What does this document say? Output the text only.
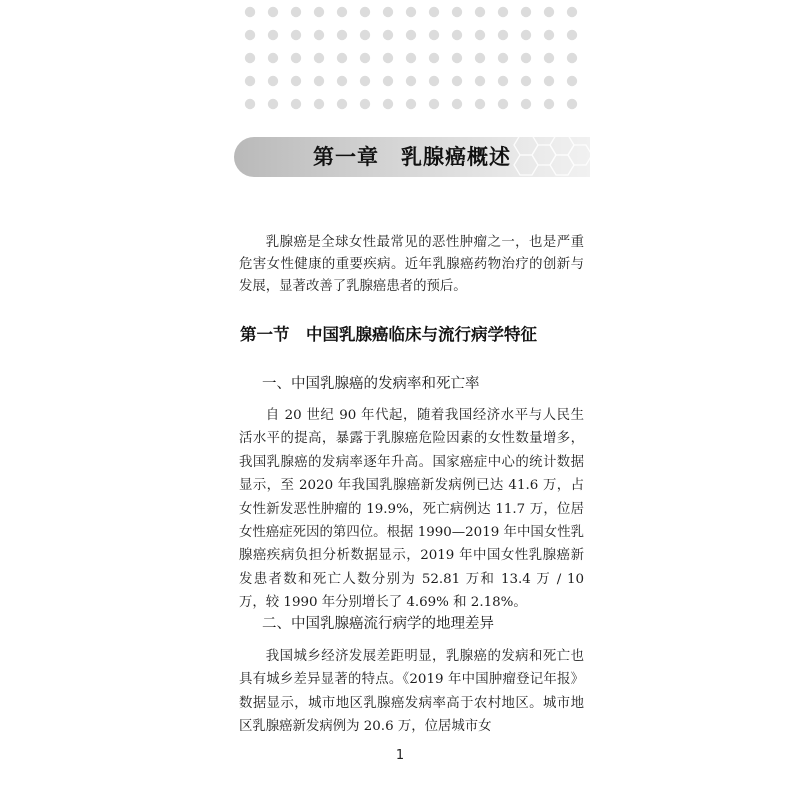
第一章　乳腺癌概述

乳腺癌是全球女性最常见的恶性肿瘤之一，也是严重危害女性健康的重要疾病。近年乳腺癌药物治疗的创新与发展，显著改善了乳腺癌患者的预后。

第一节　中国乳腺癌临床与流行病学特征
一、中国乳腺癌的发病率和死亡率

自 20 世纪 90 年代起，随着我国经济水平与人民生活水平的提高，暴露于乳腺癌危险因素的女性数量增多，我国乳腺癌的发病率逐年升高。国家癌症中心的统计数据显示，至 2020 年我国乳腺癌新发病例已达 41.6 万，占女性新发恶性肿瘤的 19.9%，死亡病例达 11.7 万，位居女性癌症死因的第四位。根据 1990—2019 年中国女性乳腺癌疾病负担分析数据显示，2019 年中国女性乳腺癌新发患者数和死亡人数分别为 52.81 万和 13.4 万 / 10 万，较 1990 年分别增长了 4.69% 和 2.18%。

二、中国乳腺癌流行病学的地理差异

我国城乡经济发展差距明显，乳腺癌的发病和死亡也具有城乡差异显著的特点。《2019 年中国肿瘤登记年报》数据显示，城市地区乳腺癌发病率高于农村地区。城市地区乳腺癌新发病例为 20.6 万，位居城市女

1
